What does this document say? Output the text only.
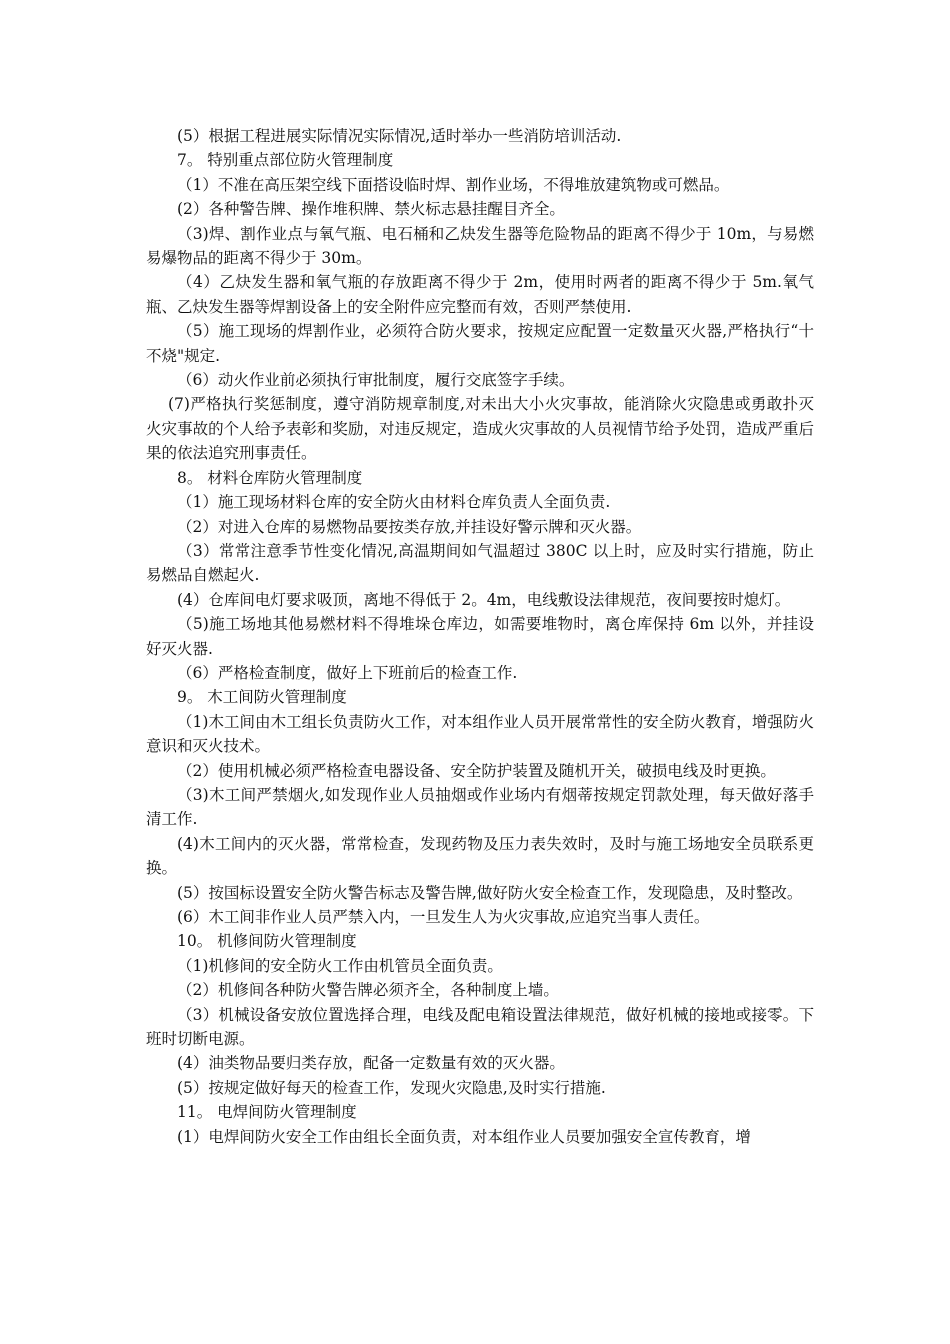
(5）根据工程进展实际情况实际情况,适时举办一些消防培训活动.

7。 特别重点部位防火管理制度

（1）不准在高压架空线下面搭设临时焊、割作业场，不得堆放建筑物或可燃品。

(2）各种警告牌、操作堆积牌、禁火标志悬挂醒目齐全。

（3)焊、割作业点与氧气瓶、电石桶和乙炔发生器等危险物品的距离不得少于 10m，与易燃易爆物品的距离不得少于 30m。

（4）乙炔发生器和氧气瓶的存放距离不得少于 2m，使用时两者的距离不得少于 5m.氧气瓶、乙炔发生器等焊割设备上的安全附件应完整而有效，否则严禁使用.

（5）施工现场的焊割作业，必须符合防火要求，按规定应配置一定数量灭火器,严格执行“十不烧"规定.

（6）动火作业前必须执行审批制度，履行交底签字手续。

(7)严格执行奖惩制度，遵守消防规章制度,对未出大小火灾事故，能消除火灾隐患或勇敢扑灭火灾事故的个人给予表彰和奖励，对违反规定，造成火灾事故的人员视情节给予处罚，造成严重后果的依法追究刑事责任。

8。 材料仓库防火管理制度

（1）施工现场材料仓库的安全防火由材料仓库负责人全面负责.

（2）对进入仓库的易燃物品要按类存放,并挂设好警示牌和灭火器。

（3）常常注意季节性变化情况,高温期间如气温超过 380C 以上时，应及时实行措施，防止易燃品自燃起火.

(4）仓库间电灯要求吸顶，离地不得低于 2。4m，电线敷设法律规范，夜间要按时熄灯。

（5)施工场地其他易燃材料不得堆垛仓库边，如需要堆物时，离仓库保持 6m 以外，并挂设好灭火器.

（6）严格检查制度，做好上下班前后的检查工作.

9。 木工间防火管理制度

（1)木工间由木工组长负责防火工作，对本组作业人员开展常常性的安全防火教育，增强防火意识和灭火技术。

（2）使用机械必须严格检查电器设备、安全防护装置及随机开关，破损电线及时更换。

（3)木工间严禁烟火,如发现作业人员抽烟或作业场内有烟蒂按规定罚款处理，每天做好落手清工作.

(4)木工间内的灭火器，常常检查，发现药物及压力表失效时，及时与施工场地安全员联系更换。

(5）按国标设置安全防火警告标志及警告牌,做好防火安全检查工作，发现隐患，及时整改。

(6）木工间非作业人员严禁入内，一旦发生人为火灾事故,应追究当事人责任。

10。 机修间防火管理制度

（1)机修间的安全防火工作由机管员全面负责。

（2）机修间各种防火警告牌必须齐全，各种制度上墙。

（3）机械设备安放位置选择合理，电线及配电箱设置法律规范，做好机械的接地或接零。下班时切断电源。

(4）油类物品要归类存放，配备一定数量有效的灭火器。

(5）按规定做好每天的检查工作，发现火灾隐患,及时实行措施.

11。 电焊间防火管理制度

(1）电焊间防火安全工作由组长全面负责，对本组作业人员要加强安全宣传教育，增
